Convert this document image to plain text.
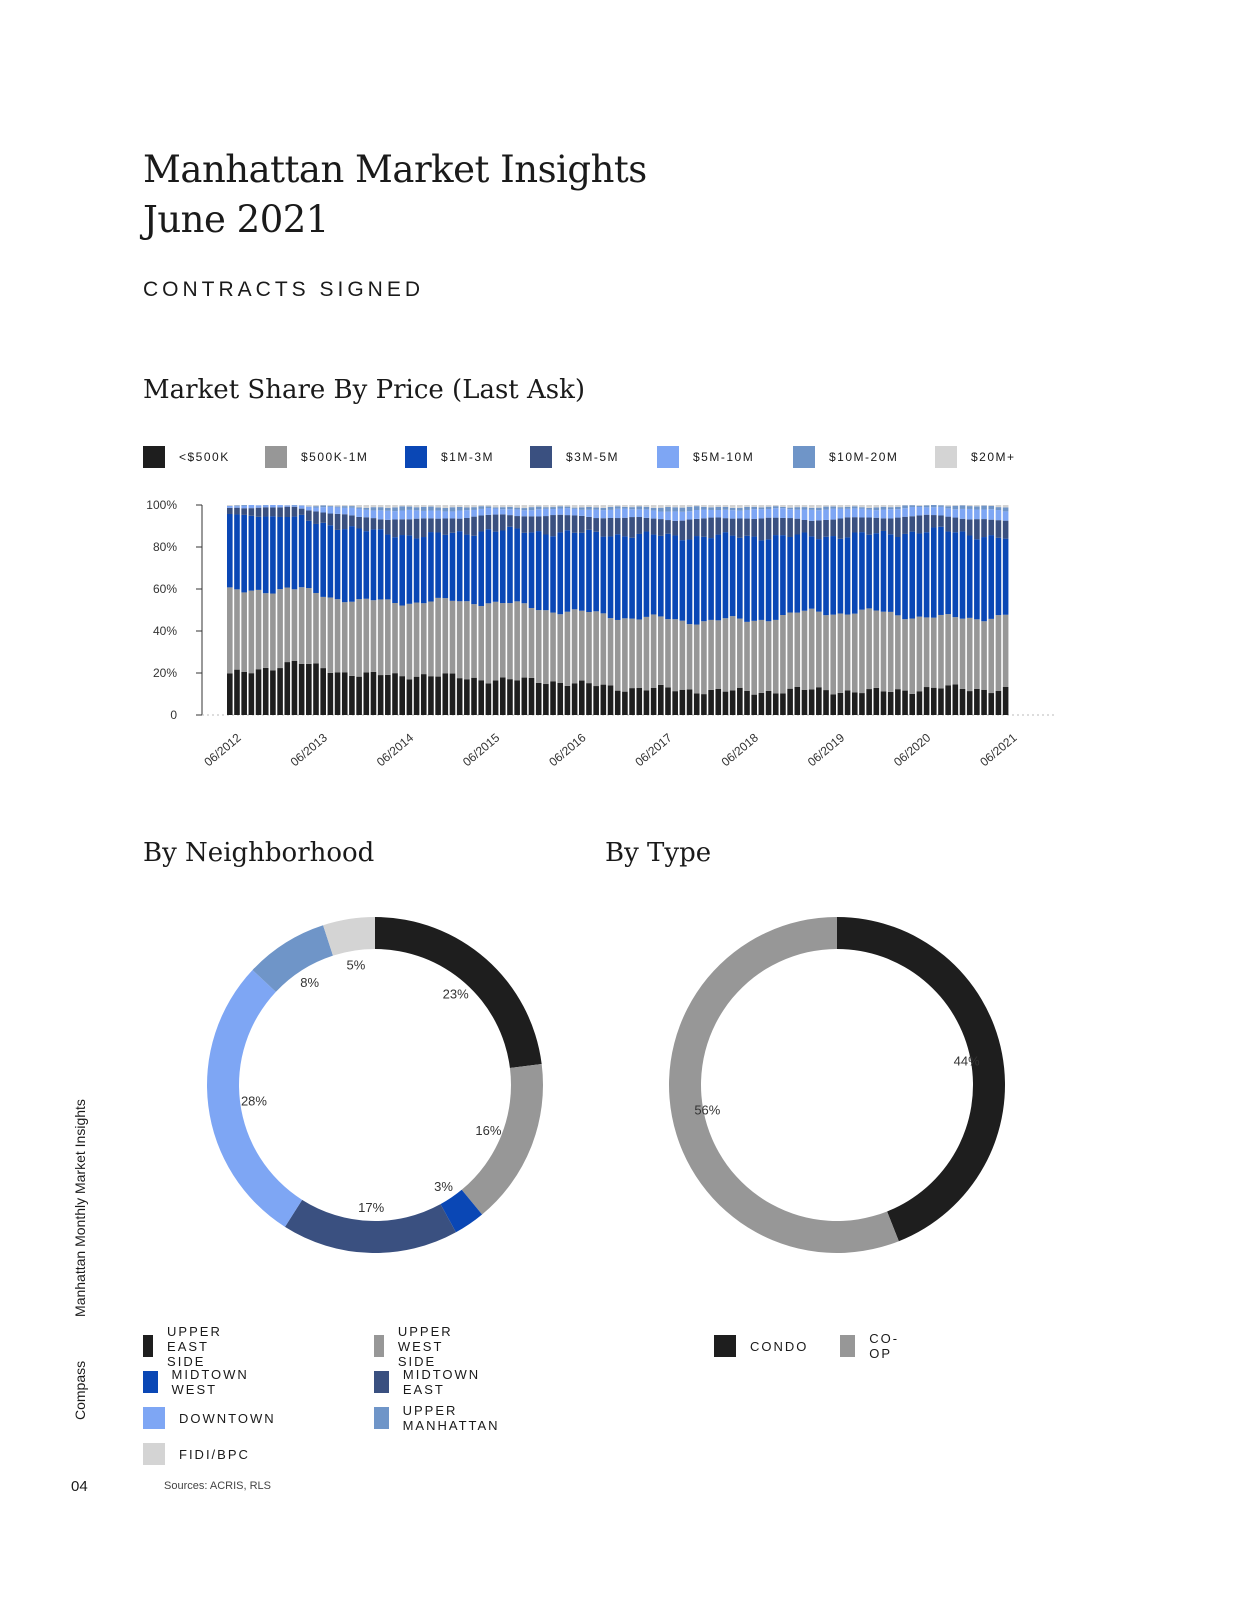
Manhattan Market Insights
June 2021
CONTRACTS SIGNED
Market Share By Price (Last Ask)
<$500K	$500K-1M	$1M-3M	$3M-5M	$5M-10M	$10M-20M	$20M+
0
20%
40%
60%
80%
100%
06/2012	06/2013	06/2014	06/2015	06/2016	06/2017	06/2018	06/2019	06/2020	06/2021
By Neighborhood	By Type
23%
16%
3%
17%
28%
8%
5%
44%
56%
UPPER EAST SIDE
UPPER WEST SIDE
MIDTOWN WEST
MIDTOWN EAST
DOWNTOWN	UPPER MANHATTAN
FIDI/BPC
CONDO	CO-OP
Compass Manhattan Monthly Market Insights
04	Sources: ACRIS, RLS
